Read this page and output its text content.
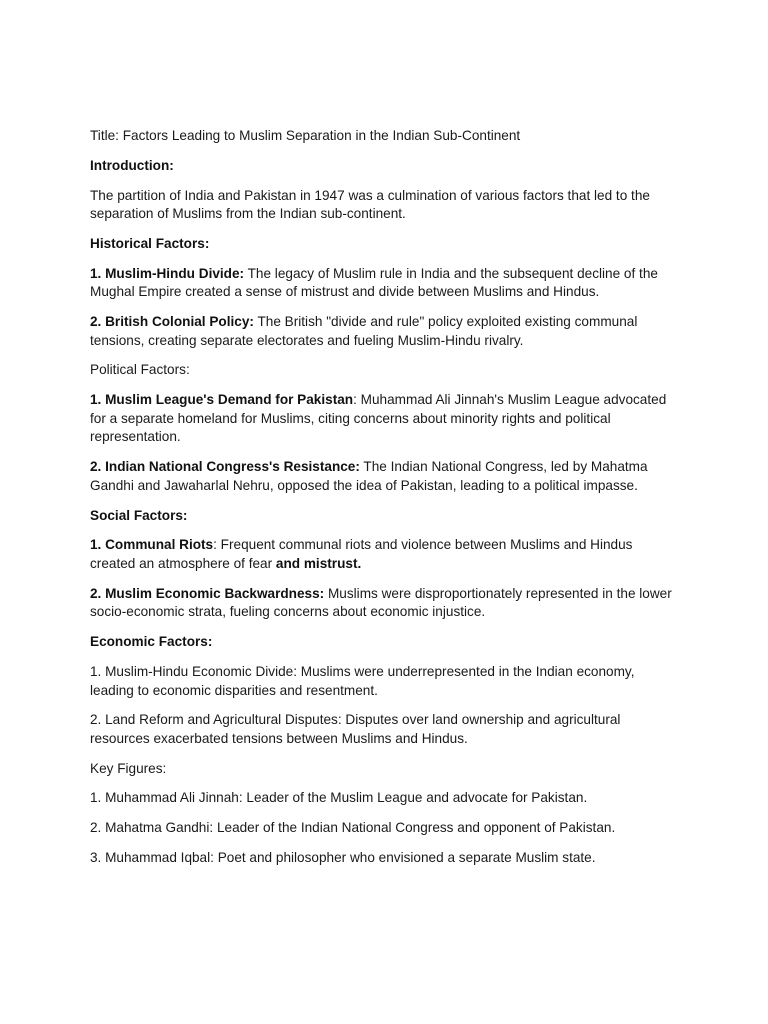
Title: Factors Leading to Muslim Separation in the Indian Sub-Continent

Introduction:

The partition of India and Pakistan in 1947 was a culmination of various factors that led to the separation of Muslims from the Indian sub-continent.

Historical Factors:

1. Muslim-Hindu Divide: The legacy of Muslim rule in India and the subsequent decline of the Mughal Empire created a sense of mistrust and divide between Muslims and Hindus.

2. British Colonial Policy: The British "divide and rule" policy exploited existing communal tensions, creating separate electorates and fueling Muslim-Hindu rivalry.

Political Factors:

1. Muslim League's Demand for Pakistan: Muhammad Ali Jinnah's Muslim League advocated for a separate homeland for Muslims, citing concerns about minority rights and political representation.

2. Indian National Congress's Resistance: The Indian National Congress, led by Mahatma Gandhi and Jawaharlal Nehru, opposed the idea of Pakistan, leading to a political impasse.

Social Factors:

1. Communal Riots: Frequent communal riots and violence between Muslims and Hindus created an atmosphere of fear and mistrust.

2. Muslim Economic Backwardness: Muslims were disproportionately represented in the lower socio-economic strata, fueling concerns about economic injustice.

Economic Factors:

1. Muslim-Hindu Economic Divide: Muslims were underrepresented in the Indian economy, leading to economic disparities and resentment.

2. Land Reform and Agricultural Disputes: Disputes over land ownership and agricultural resources exacerbated tensions between Muslims and Hindus.

Key Figures:

1. Muhammad Ali Jinnah: Leader of the Muslim League and advocate for Pakistan.

2. Mahatma Gandhi: Leader of the Indian National Congress and opponent of Pakistan.

3. Muhammad Iqbal: Poet and philosopher who envisioned a separate Muslim state.
